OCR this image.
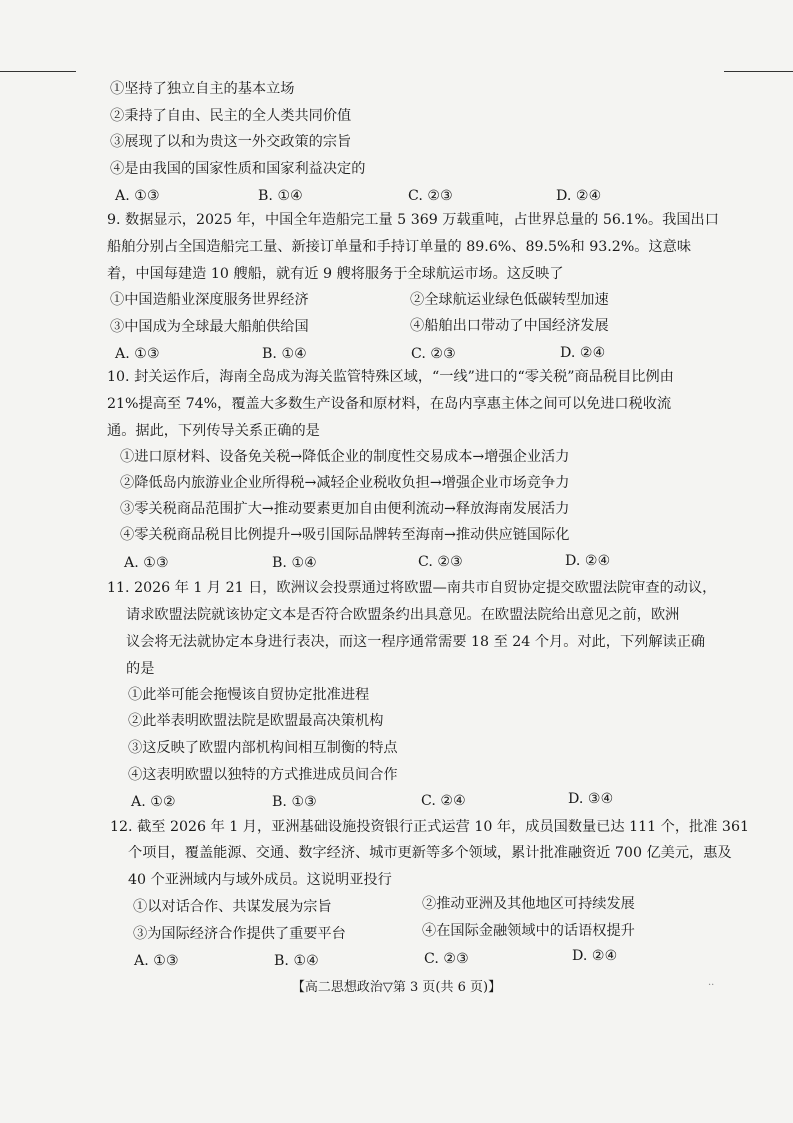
①坚持了独立自主的基本立场
②秉持了自由、民主的全人类共同价值
③展现了以和为贵这一外交政策的宗旨
④是由我国的国家性质和国家利益决定的
A. ①③	B. ①④	C. ②③	D. ②④
9. 数据显示，2025 年，中国全年造船完工量 5 369 万载重吨，占世界总量的 56.1%。我国出口
船舶分别占全国造船完工量、新接订单量和手持订单量的 89.6%、89.5%和 93.2%。这意味
着，中国每建造 10 艘船，就有近 9 艘将服务于全球航运市场。这反映了
①中国造船业深度服务世界经济	②全球航运业绿色低碳转型加速
③中国成为全球最大船舶供给国	④船舶出口带动了中国经济发展
A. ①③	B. ①④	C. ②③	D. ②④
10. 封关运作后，海南全岛成为海关监管特殊区域，“一线”进口的“零关税”商品税目比例由
21%提高至 74%，覆盖大多数生产设备和原材料，在岛内享惠主体之间可以免进口税收流
通。据此，下列传导关系正确的是
①进口原材料、设备免关税→降低企业的制度性交易成本→增强企业活力
②降低岛内旅游业企业所得税→减轻企业税收负担→增强企业市场竞争力
③零关税商品范围扩大→推动要素更加自由便利流动→释放海南发展活力
④零关税商品税目比例提升→吸引国际品牌转至海南→推动供应链国际化
A. ①③	B. ①④	C. ②③	D. ②④
11. 2026 年 1 月 21 日，欧洲议会投票通过将欧盟—南共市自贸协定提交欧盟法院审查的动议，
请求欧盟法院就该协定文本是否符合欧盟条约出具意见。在欧盟法院给出意见之前，欧洲
议会将无法就协定本身进行表决，而这一程序通常需要 18 至 24 个月。对此，下列解读正确
的是
①此举可能会拖慢该自贸协定批准进程
②此举表明欧盟法院是欧盟最高决策机构
③这反映了欧盟内部机构间相互制衡的特点
④这表明欧盟以独特的方式推进成员间合作
A. ①②	B. ①③	C. ②④	D. ③④
12. 截至 2026 年 1 月，亚洲基础设施投资银行正式运营 10 年，成员国数量已达 111 个，批准 361
个项目，覆盖能源、交通、数字经济、城市更新等多个领域，累计批准融资近 700 亿美元，惠及
40 个亚洲域内与域外成员。这说明亚投行
①以对话合作、共谋发展为宗旨	②推动亚洲及其他地区可持续发展
③为国际经济合作提供了重要平台	④在国际金融领域中的话语权提升
A. ①③	B. ①④	C. ②③	D. ②④
【高二思想政治▽第 3 页(共 6 页)】	··
